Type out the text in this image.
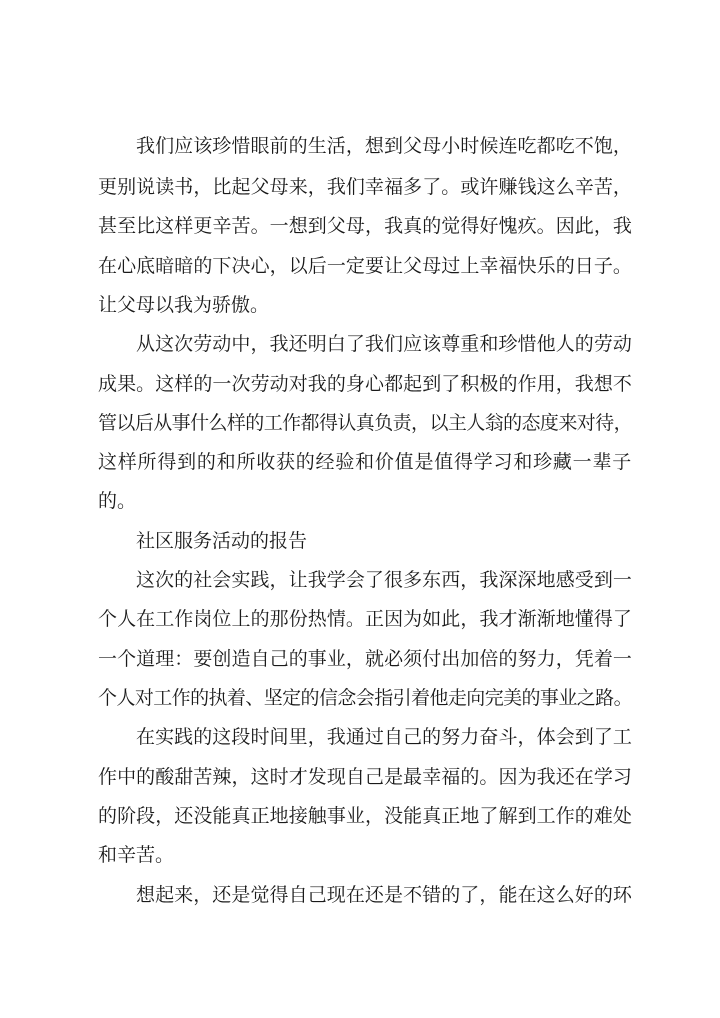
我们应该珍惜眼前的生活，想到父母小时候连吃都吃不饱，
更别说读书，比起父母来，我们幸福多了。或许赚钱这么辛苦，
甚至比这样更辛苦。一想到父母，我真的觉得好愧疚。因此，我
在心底暗暗的下决心，以后一定要让父母过上幸福快乐的日子。
让父母以我为骄傲。
从这次劳动中，我还明白了我们应该尊重和珍惜他人的劳动
成果。这样的一次劳动对我的身心都起到了积极的作用，我想不
管以后从事什么样的工作都得认真负责，以主人翁的态度来对待，
这样所得到的和所收获的经验和价值是值得学习和珍藏一辈子
的。
社区服务活动的报告
这次的社会实践，让我学会了很多东西，我深深地感受到一
个人在工作岗位上的那份热情。正因为如此，我才渐渐地懂得了
一个道理：要创造自己的事业，就必须付出加倍的努力，凭着一
个人对工作的执着、坚定的信念会指引着他走向完美的事业之路。
在实践的这段时间里，我通过自己的努力奋斗，体会到了工
作中的酸甜苦辣，这时才发现自己是最幸福的。因为我还在学习
的阶段，还没能真正地接触事业，没能真正地了解到工作的难处
和辛苦。
想起来，还是觉得自己现在还是不错的了，能在这么好的环
